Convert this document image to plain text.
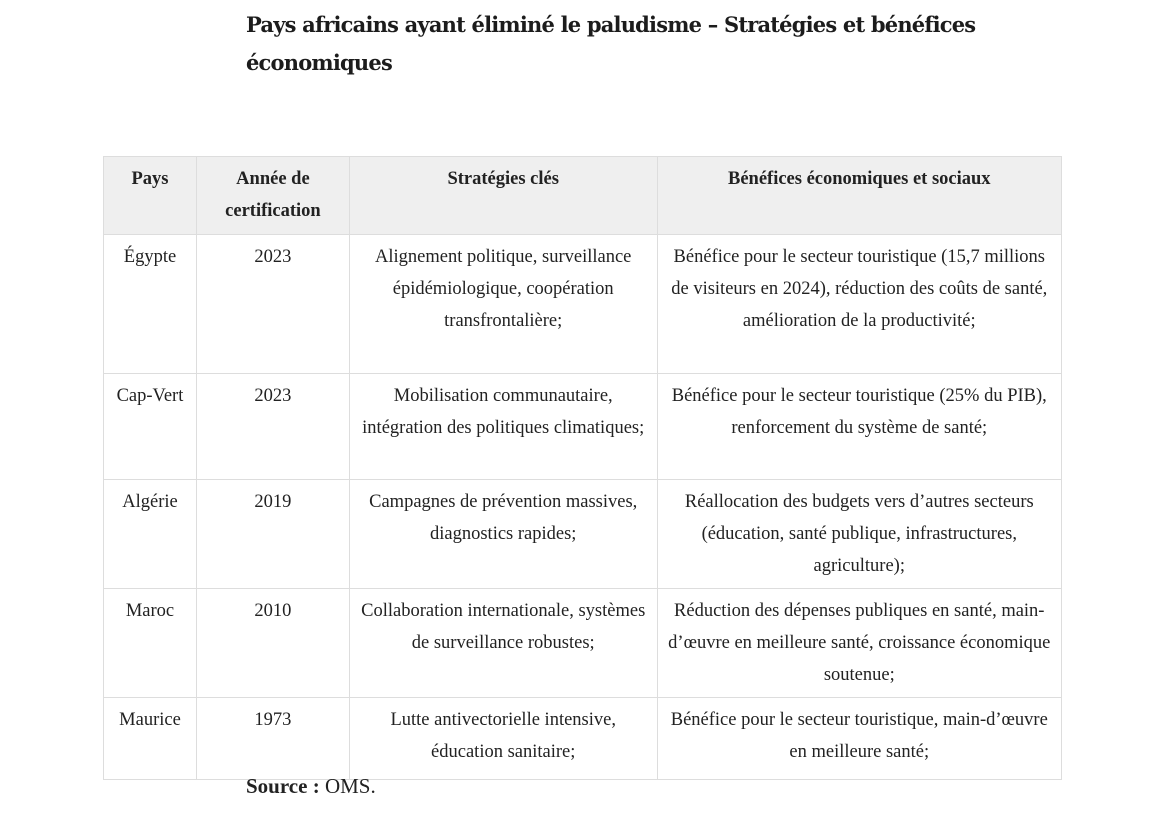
Pays africains ayant éliminé le paludisme – Stratégies et bénéfices économiques
Pays	Année de certification	Stratégies clés	Bénéfices économiques et sociaux
Égypte	2023	Alignement politique, surveillance épidémiologique, coopération transfrontalière;	Bénéfice pour le secteur touristique (15,7 millions de visiteurs en 2024), réduction des coûts de santé, amélioration de la productivité;
Cap-Vert	2023	Mobilisation communautaire, intégration des politiques climatiques;	Bénéfice pour le secteur touristique (25% du PIB), renforcement du système de santé;
Algérie	2019	Campagnes de prévention massives, diagnostics rapides;	Réallocation des budgets vers d’autres secteurs (éducation, santé publique, infrastructures, agriculture);
Maroc	2010	Collaboration internationale, systèmes de surveillance robustes;	Réduction des dépenses publiques en santé, main-d’œuvre en meilleure santé, croissance économique soutenue;
Maurice	1973	Lutte antivectorielle intensive, éducation sanitaire;	Bénéfice pour le secteur touristique, main-d’œuvre en meilleure santé;

Source : OMS.
